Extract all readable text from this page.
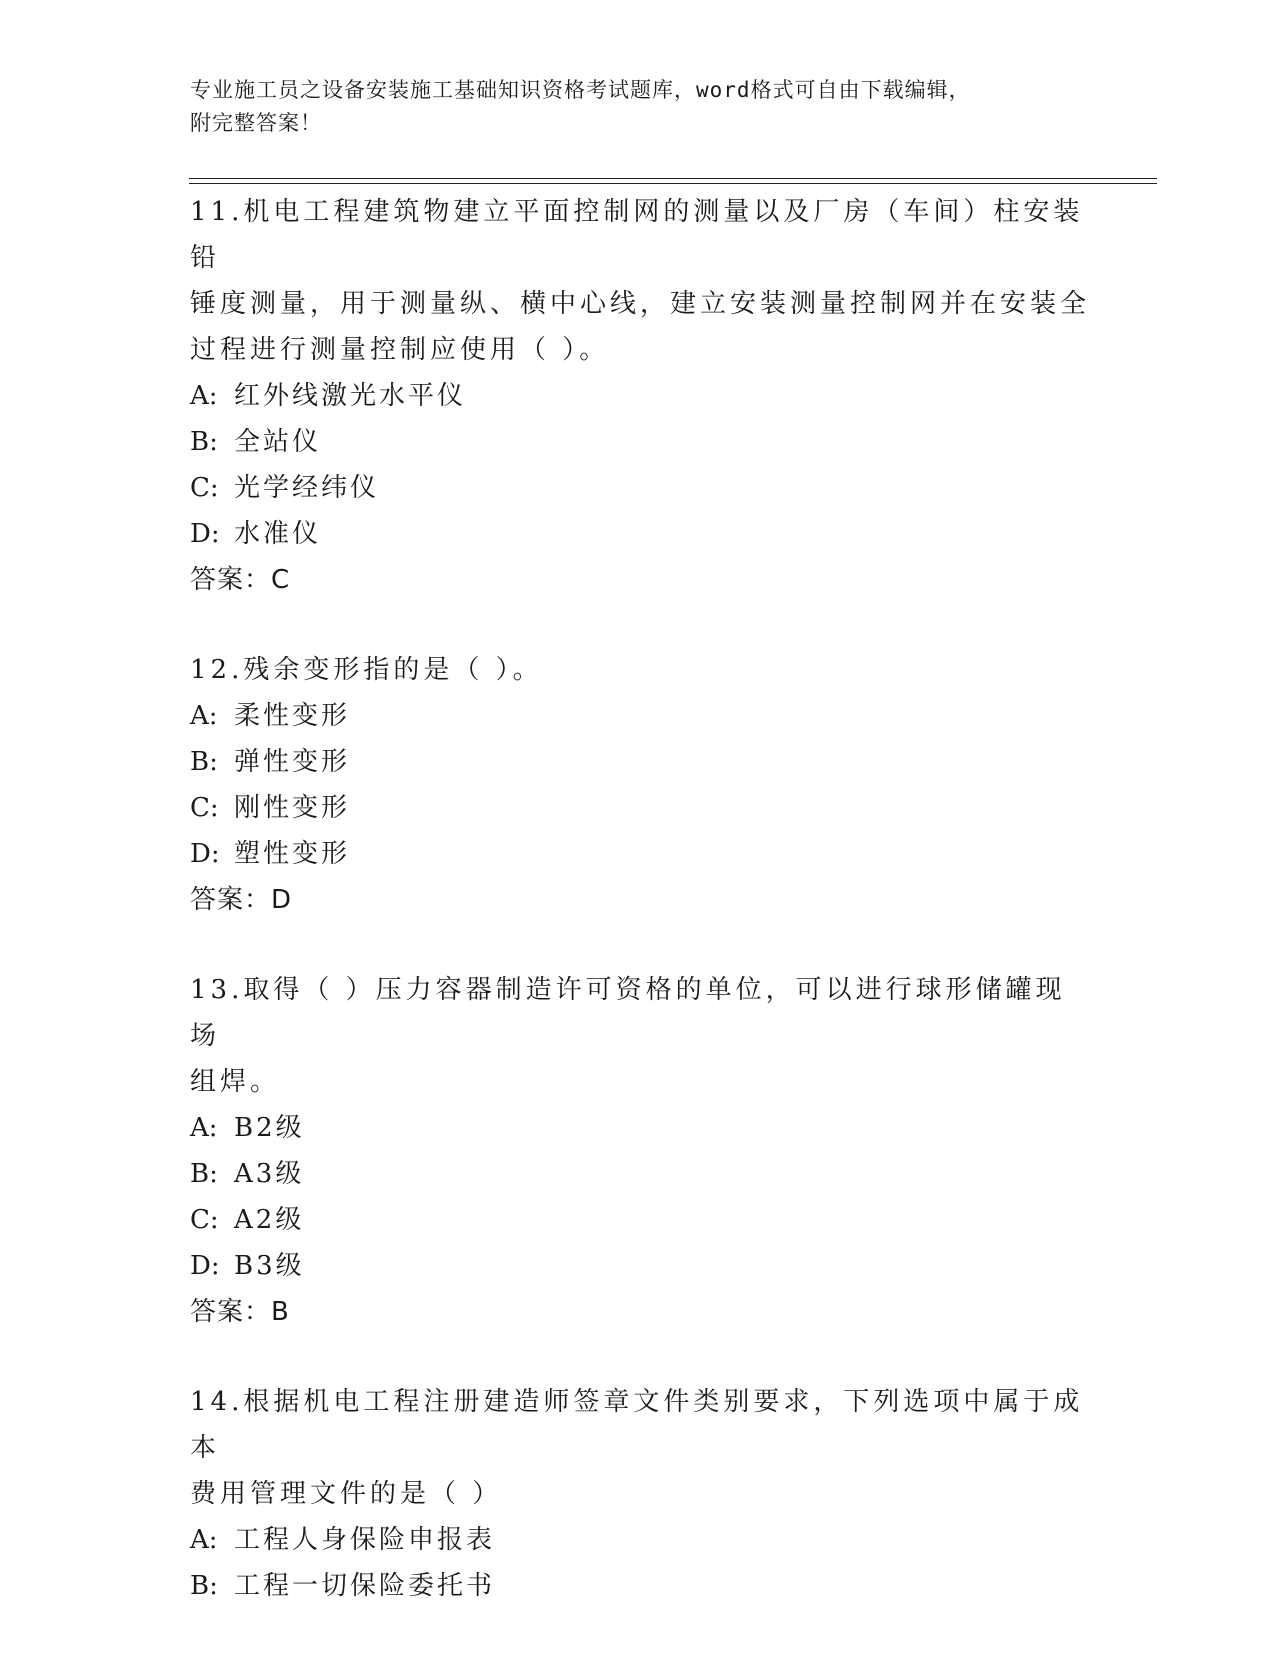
专业施工员之设备安装施工基础知识资格考试题库，word格式可自由下载编辑，
附完整答案！
11.机电工程建筑物建立平面控制网的测量以及厂房（车间）柱安装铅
锤度测量，用于测量纵、横中心线，建立安装测量控制网并在安装全
过程进行测量控制应使用（ ）。
A: 红外线激光水平仪
B: 全站仪
C: 光学经纬仪
D: 水准仪
答案：C
12.残余变形指的是（ ）。
A: 柔性变形
B: 弹性变形
C: 刚性变形
D: 塑性变形
答案：D
13.取得（ ）压力容器制造许可资格的单位，可以进行球形储罐现场
组焊。
A: B2级
B: A3级
C: A2级
D: B3级
答案：B
14.根据机电工程注册建造师签章文件类别要求，下列选项中属于成本
费用管理文件的是（ ）
A: 工程人身保险申报表
B: 工程一切保险委托书
